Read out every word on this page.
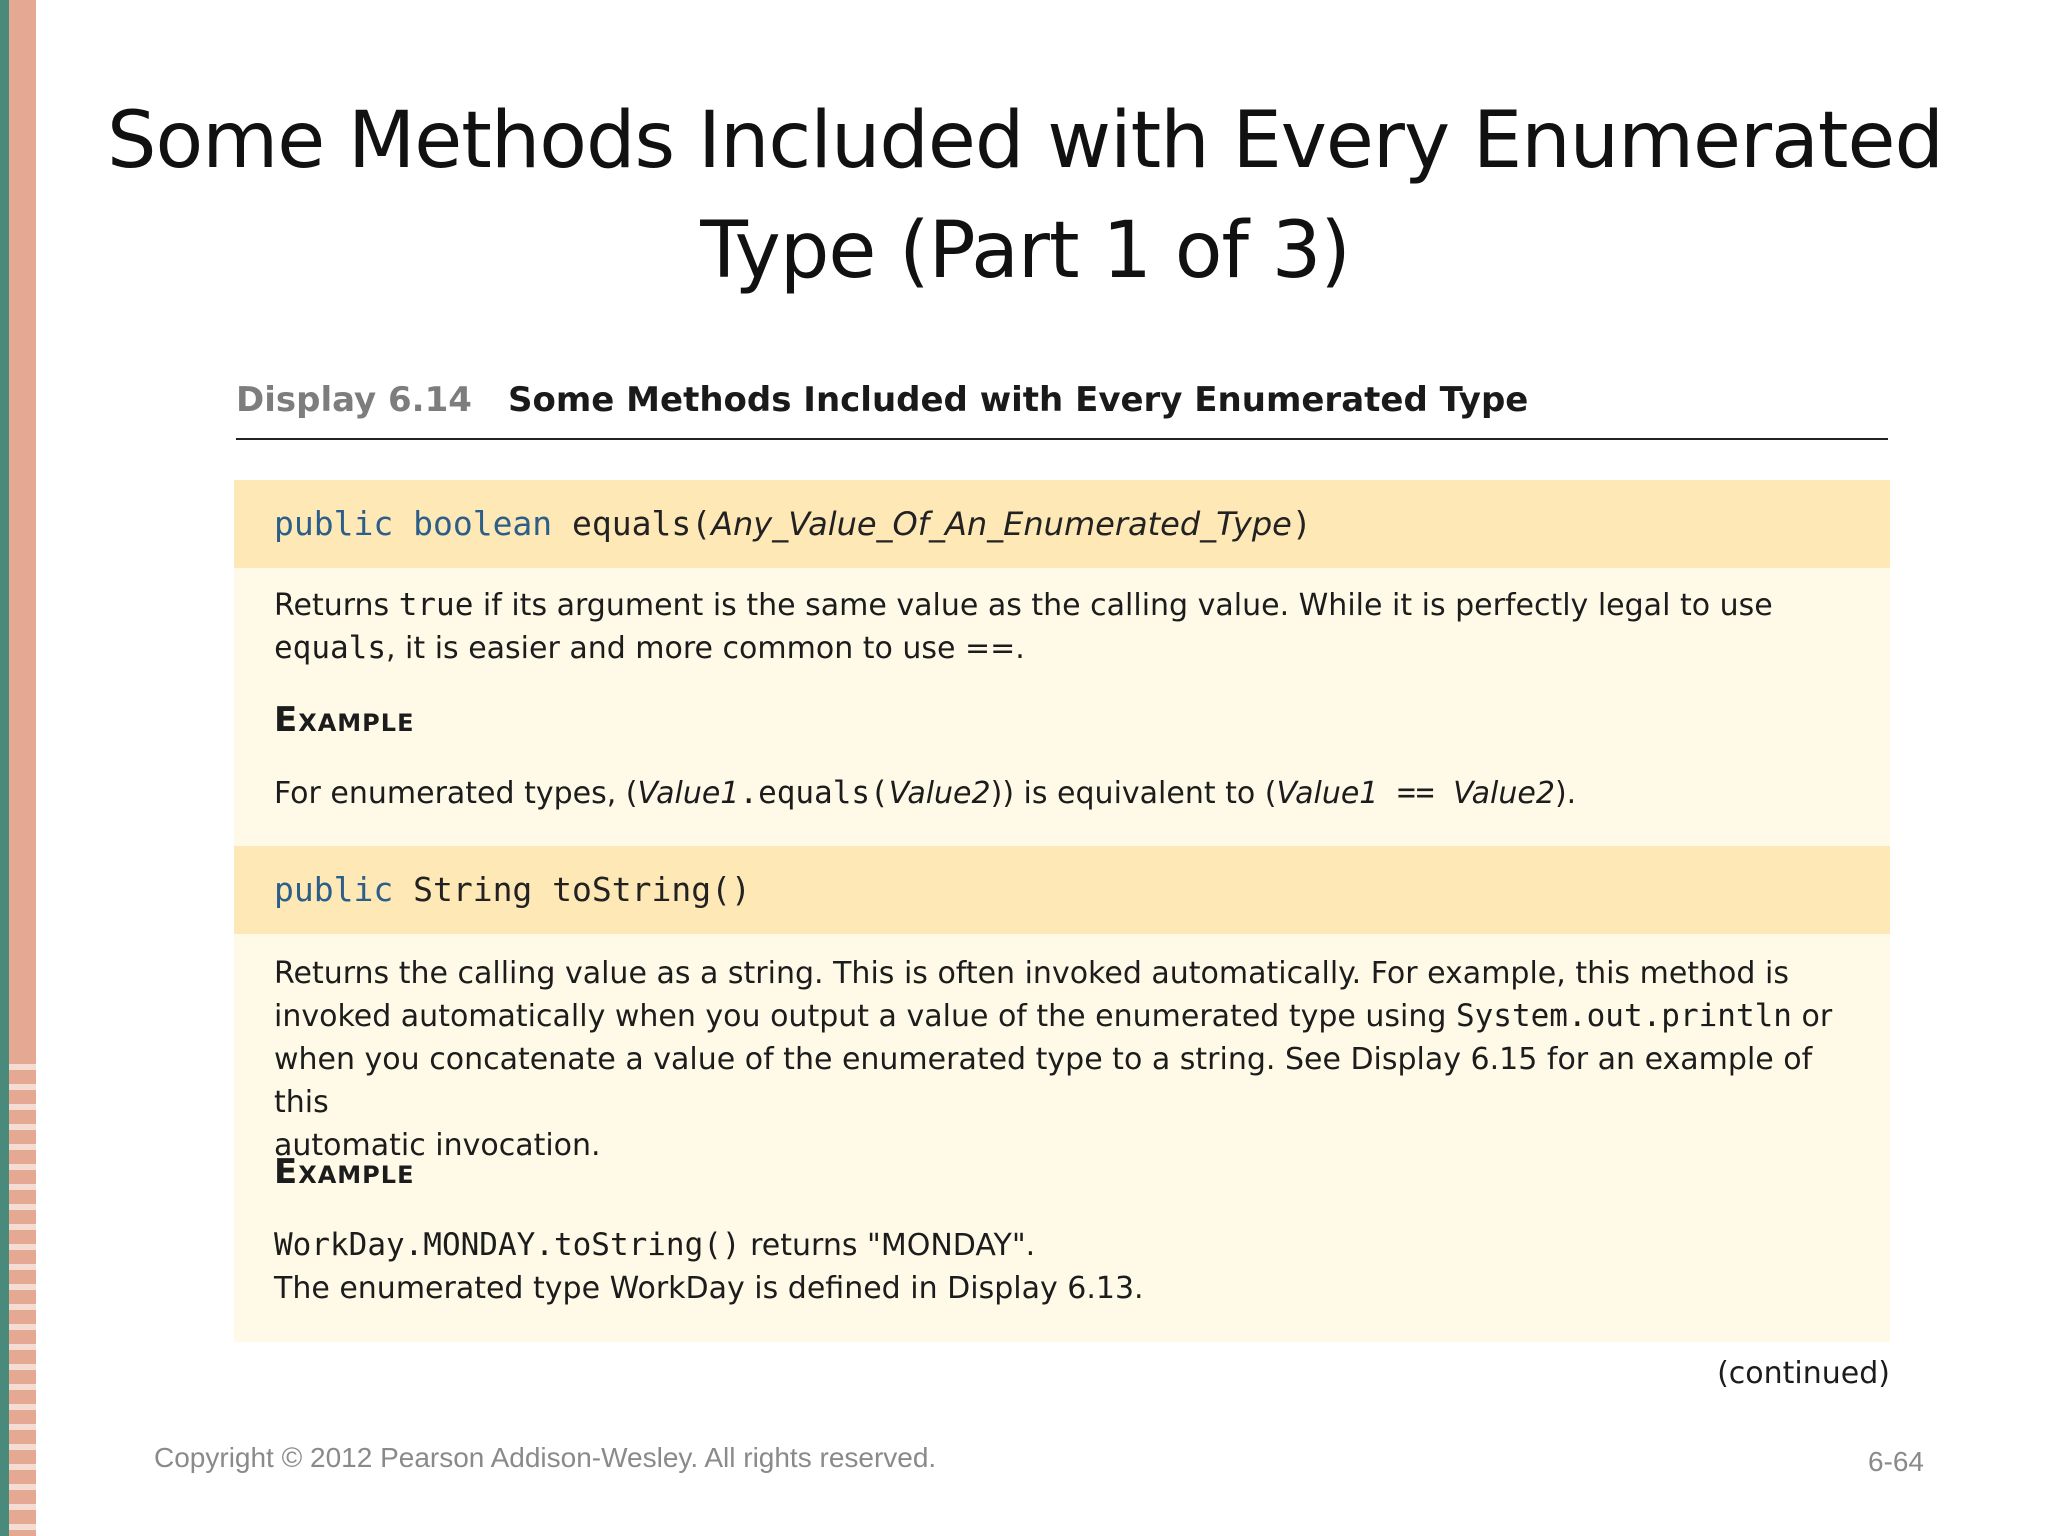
Some Methods Included with Every Enumerated
Type (Part 1 of 3)
Display 6.14 Some Methods Included with Every Enumerated Type
public boolean equals(Any_Value_Of_An_Enumerated_Type)
Returns true if its argument is the same value as the calling value. While it is perfectly legal to use
equals, it is easier and more common to use ==.
Example
For enumerated types, (Value1.equals(Value2)) is equivalent to (Value1 == Value2).
public String toString()
Returns the calling value as a string. This is often invoked automatically. For example, this method is
invoked automatically when you output a value of the enumerated type using System.out.println or
when you concatenate a value of the enumerated type to a string. See Display 6.15 for an example of this
automatic invocation.
Example
WorkDay.MONDAY.toString() returns "MONDAY".
The enumerated type WorkDay is defined in Display 6.13.
(continued)
Copyright © 2012 Pearson Addison-Wesley. All rights reserved.	6-64
